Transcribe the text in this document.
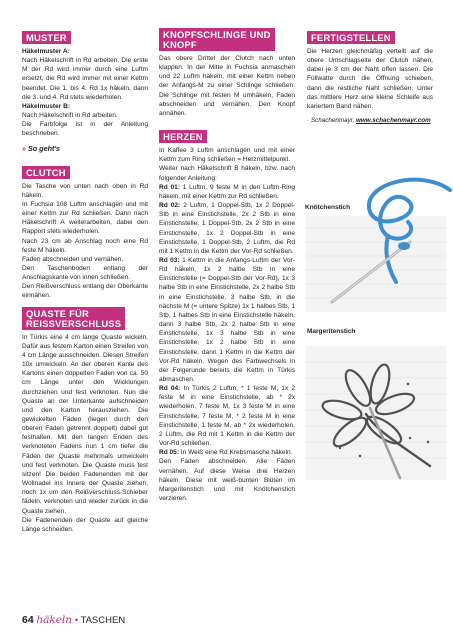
MUSTER

Häkelmuster A:

Nach Häkelschrift in Rd arbeiten. Die erste M der Rd wird immer durch eine Luftm ersetzt, die Rd wird immer mit einer Kettm beendet. Die 1. bis 4. Rd 1x häkeln, dann die 3. und 4. Rd stets wiederholen.

Häkelmuster B:

Nach Häkelschrift in Rd arbeiten.

Die Farbfolge ist in der Anleitung beschrieben.

» So geht's
CLUTCH

Die Tasche von unten nach oben in Rd häkeln.

In Fuchsia 108 Luftm anschlagen und mit einer Kettm zur Rd schließen. Dann nach Häkelschrift A weiterarbeiten, dabei den Rapport stets wiederholen.

Nach 23 cm ab Anschlag noch eine Rd feste M häkeln.

Faden abschneiden und vernähen.

Den Taschenboden entlang der Anschlagskante von innen schließen.

Den Reißverschluss entlang der Oberkante einnähen.

QUASTE FÜR
REISSVERSCHLUSS

In Türkis eine 4 cm lange Quaste wickeln. Dafür aus festem Karton einen Streifen von 4 cm Länge ausschneiden. Diesen Streifen 10x umwickeln. An der oberen Kante des Kartons einen doppelten Faden von ca. 50 cm Länge unter den Wicklungen durchziehen und fest verknoten. Nun die Quaste an der Unterkante aufschneiden und den Karton herausziehen. Die gewickelten Fäden (liegen durch den oberen Faden getrennt doppelt) dabei gut festhalten. Mit den langen Enden des verknoteten Fadens nun 1 cm tiefer die Fäden der Quaste mehrmals umwickeln und fest verknoten. Die Quaste muss fest sitzen! Die beiden Fadenenden mit der Wollnadel ins Innere der Quaste ziehen, noch 1x um den Reißverschluss-Schieber fädeln, verknoten und wieder zurück in die Quaste ziehen.

Die Fadenenden der Quaste auf gleiche Länge schneiden.

KNOPFSCHLINGE UND
KNOPF

Das obere Drittel der Clutch nach unten klappen. In der Mitte in Fuchsia anmaschen und 22 Luftm häkeln, mit einer Kettm neben der Anfangs-M zu einer Schlinge schließen. Die Schlinge mit festen M umhäkeln, Faden abschneiden und vernähen. Den Knopf annähen.

HERZEN

In Kaffee 3 Luftm anschlagen und mit einer Kettm zum Ring schließen = Herzmittelpunkt.

Weiter nach Häkelschrift B häkeln, bzw. nach folgender Anleitung:

Rd 01: 1 Luftm, 9 feste M in den Luftm-Ring häkeln, mit einer Kettm zur Rd schließen.

Rd 02: 2 Luftm, 1 Doppel-Stb, 1x 2 Doppel-Stb in eine Einstichstelle, 2x 2 Stb in eine Einstichstelle, 1 Doppel-Stb, 2x 2 Stb in eine Einstichstelle, 1x 2 Doppel-Stb in eine Einstichstelle, 1 Doppel-Stb, 2 Luftm, die Rd mit 1 Kettm in die Kettm der Vor-Rd schließen.

Rd 03: 1 Kettm in die Anfangs-Luftm der Vor-Rd häkeln, 1x 2 halbe Stb in eine Einstichstelle (= Doppel-Stb der Vor-Rd), 1x 3 halbe Stb in eine Einstichstelle, 2x 2 halbe Stb in eine Einstichstelle, 3 halbe Stb, in die nächste M (= untere Spitze) 1x 1 halbes Stb, 1 Stb, 1 halbes Stb in eine Einstichstelle häkeln, dann 3 halbe Stb, 2x 2 halbe Stb in eine Einstichstelle, 1x 3 halbe Stb in eine Einstichstelle, 1x 2 halbe Stb in eine Einstichstelle, dann 1 Kettm in die Kettm der Vor-Rd häkeln. Wegen des Farbwechsels in der Folgerunde bereits die Kettm in Türkis abmaschen.

Rd 04: In Türkis 2 Luftm, * 1 feste M, 1x 2 feste M in eine Einstichstelle, ab * 2x wiederholen, 7 feste M, 1x 3 feste M in eine Einstichstelle, 7 feste M, * 2 feste M in eine Einstichstelle, 1 feste M, ab * 2x wiederholen, 2 Luftm, die Rd mit 1 Kettm in die Kettm der Vor-Rd schließen.

Rd 05: In Weiß eine Rd Krebsmasche häkeln.

Den Faden abschneiden. Alle Fäden vernähen. Auf diese Weise drei Herzen häkeln. Diese mit weiß-bunten Blüten im Margeritenstich und mit Knötchenstich verzieren.

FERTIGSTELLEN

Die Herzen gleichmäßig verteilt auf die obere Umschlagseite der Clutch nähen, dabei je 3 cm der Naht offen lassen. Die Füllwatte durch die Öffnung schieben, dann die restliche Naht schließen. Unter das mittlere Herz eine kleine Schleife aus kariertem Band nähen.

· Schachenmayr, www.schachenmayr.com
Knötchenstich
Margeritenstich
64 häkeln • TASCHEN
